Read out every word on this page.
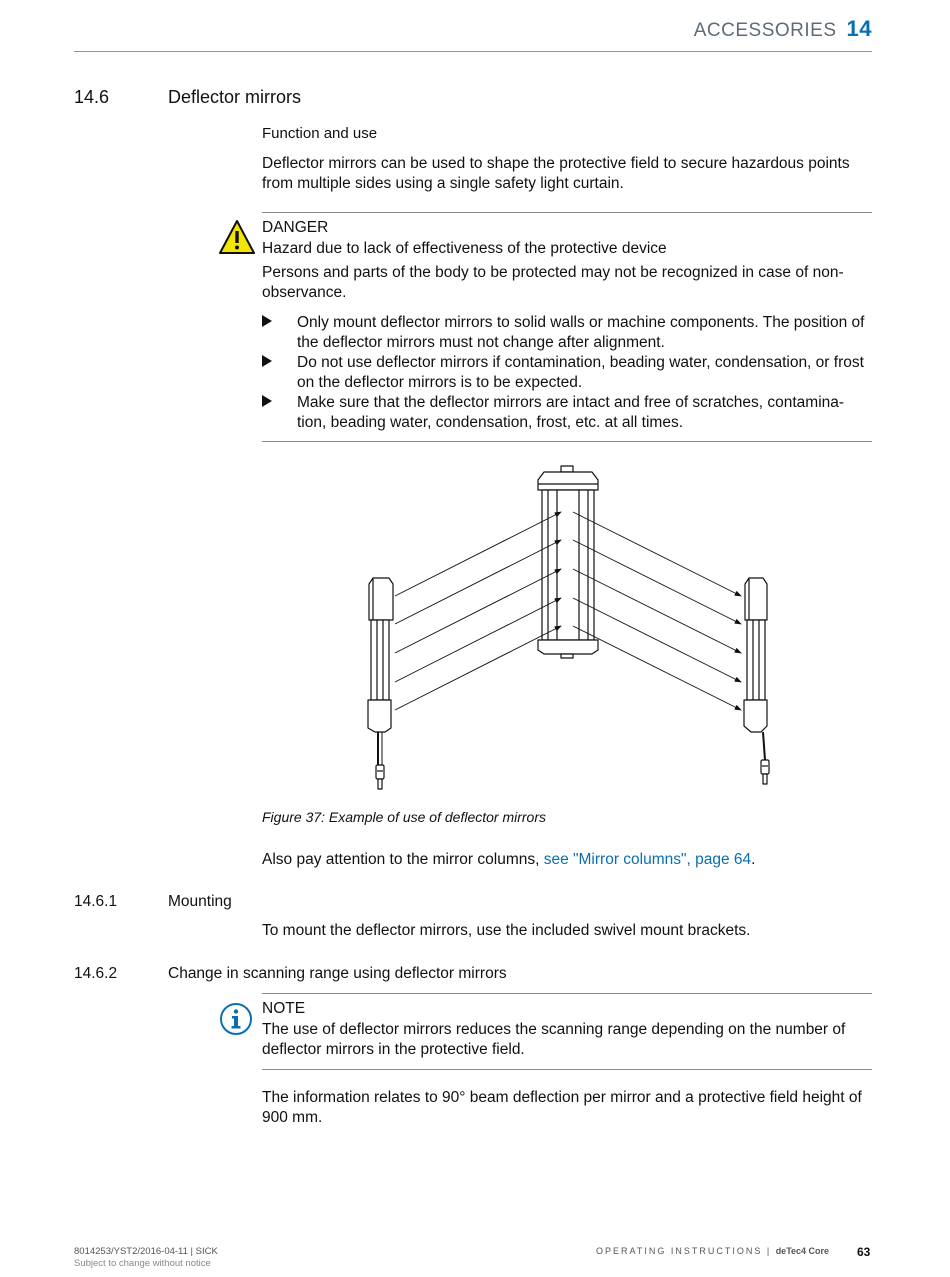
ACCESSORIES 14
14.6	Deflector mirrors
Function and use
Deflector mirrors can be used to shape the protective field to secure hazardous points from multiple sides using a single safety light curtain.
DANGER
Hazard due to lack of effectiveness of the protective device
Persons and parts of the body to be protected may not be recognized in case of non-observance.
Only mount deflector mirrors to solid walls or machine components. The position of the deflector mirrors must not change after alignment.
Do not use deflector mirrors if contamination, beading water, condensation, or frost on the deflector mirrors is to be expected.
Make sure that the deflector mirrors are intact and free of scratches, contamina-tion, beading water, condensation, frost, etc. at all times.
Figure 37: Example of use of deflector mirrors
Also pay attention to the mirror columns, see "Mirror columns", page 64.
14.6.1	Mounting
To mount the deflector mirrors, use the included swivel mount brackets.
14.6.2	Change in scanning range using deflector mirrors
NOTE
The use of deflector mirrors reduces the scanning range depending on the number of deflector mirrors in the protective field.
The information relates to 90° beam deflection per mirror and a protective field height of 900 mm.
8014253/YST2/2016-04-11 | SICK
Subject to change without notice
OPERATING INSTRUCTIONS | deTec4 Core 63
